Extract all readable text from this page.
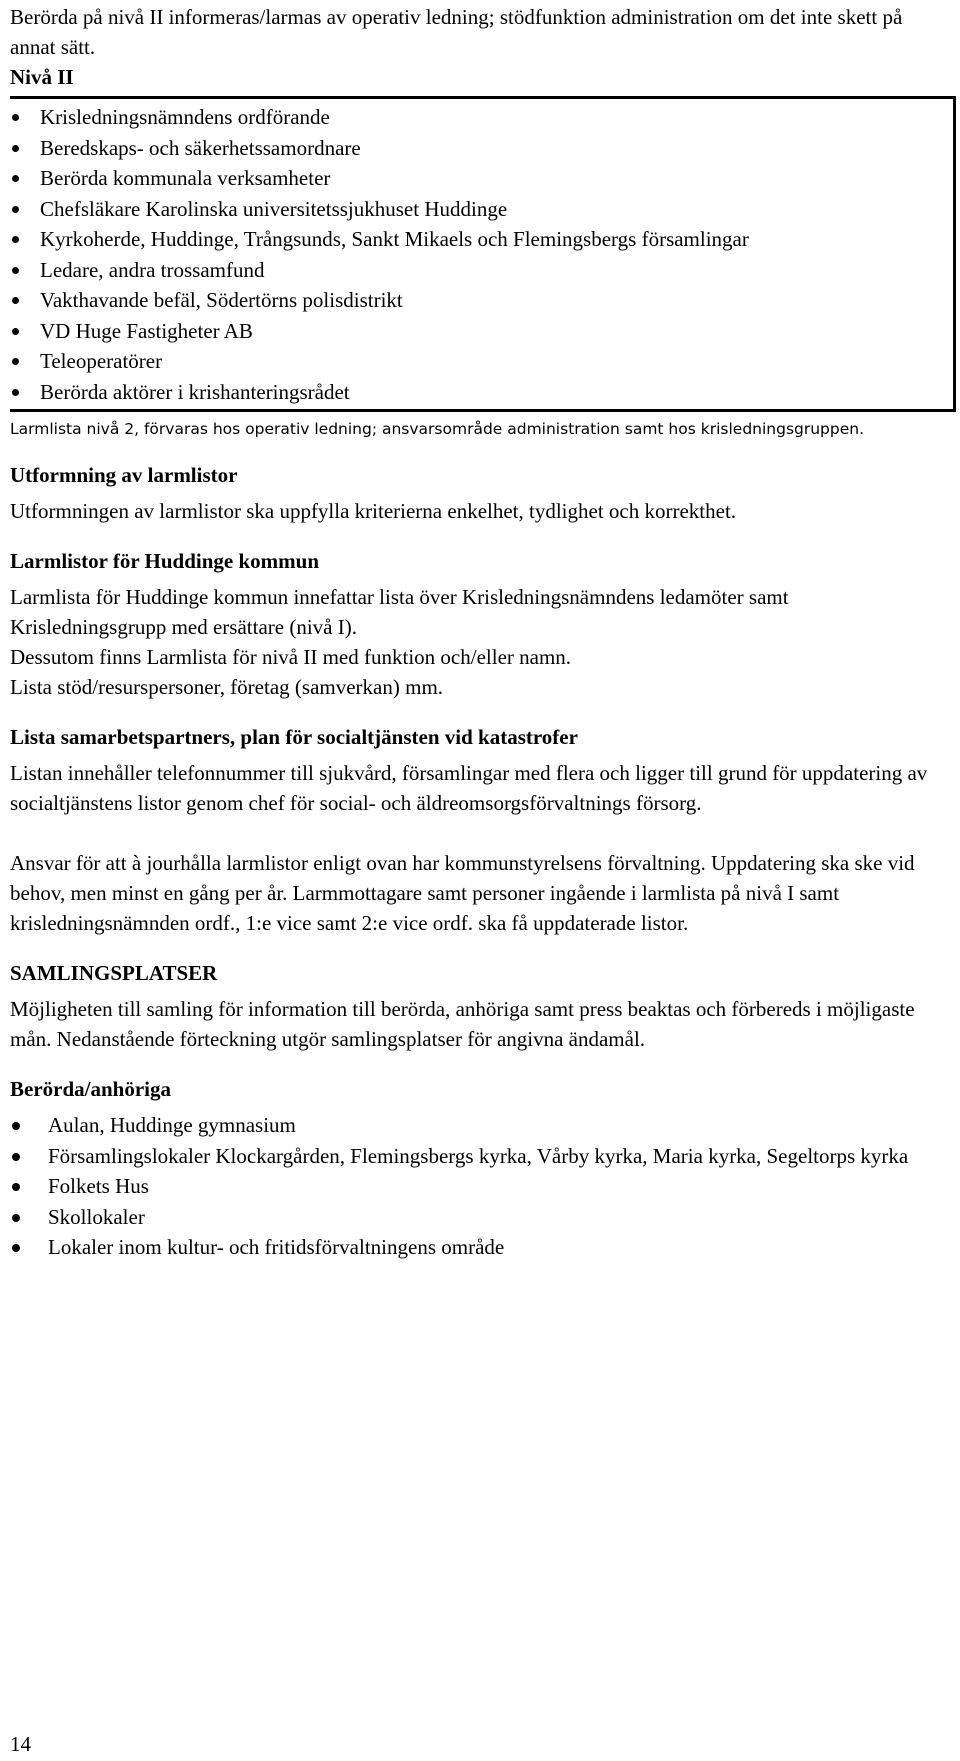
Berörda på nivå II informeras/larmas av operativ ledning; stödfunktion administration om det inte skett på annat sätt.

Nivå II
Krisledningsnämndens ordförande
Beredskaps- och säkerhetssamordnare
Berörda kommunala verksamheter
Chefsläkare Karolinska universitetssjukhuset Huddinge
Kyrkoherde, Huddinge, Trångsunds, Sankt Mikaels och Flemingsbergs församlingar
Ledare, andra trossamfund
Vakthavande befäl, Södertörns polisdistrikt
VD Huge Fastigheter AB
Teleoperatörer
Berörda aktörer i krishanteringsrådet

Larmlista nivå 2, förvaras hos operativ ledning; ansvarsområde administration samt hos krisledningsgruppen.

Utformning av larmlistor

Utformningen av larmlistor ska uppfylla kriterierna enkelhet, tydlighet och korrekthet.

Larmlistor för Huddinge kommun

Larmlista för Huddinge kommun innefattar lista över Krisledningsnämndens ledamöter samt Krisledningsgrupp med ersättare (nivå I).

Dessutom finns Larmlista för nivå II med funktion och/eller namn.

Lista stöd/resurspersoner, företag (samverkan) mm.

Lista samarbetspartners, plan för socialtjänsten vid katastrofer

Listan innehåller telefonnummer till sjukvård, församlingar med flera och ligger till grund för uppdatering av socialtjänstens listor genom chef för social- och äldreomsorgsförvaltnings försorg.

Ansvar för att à jourhålla larmlistor enligt ovan har kommunstyrelsens förvaltning. Uppdatering ska ske vid behov, men minst en gång per år. Larmmottagare samt personer ingående i larmlista på nivå I samt krisledningsnämnden ordf., 1:e vice samt 2:e vice ordf. ska få uppdaterade listor.

SAMLINGSPLATSER

Möjligheten till samling för information till berörda, anhöriga samt press beaktas och förbereds i möjligaste mån. Nedanstående förteckning utgör samlingsplatser för angivna ändamål.

Berörda/anhöriga
Aulan, Huddinge gymnasium
Församlingslokaler Klockargården, Flemingsbergs kyrka, Vårby kyrka, Maria kyrka, Segeltorps kyrka
Folkets Hus
Skollokaler
Lokaler inom kultur- och fritidsförvaltningens område
14
